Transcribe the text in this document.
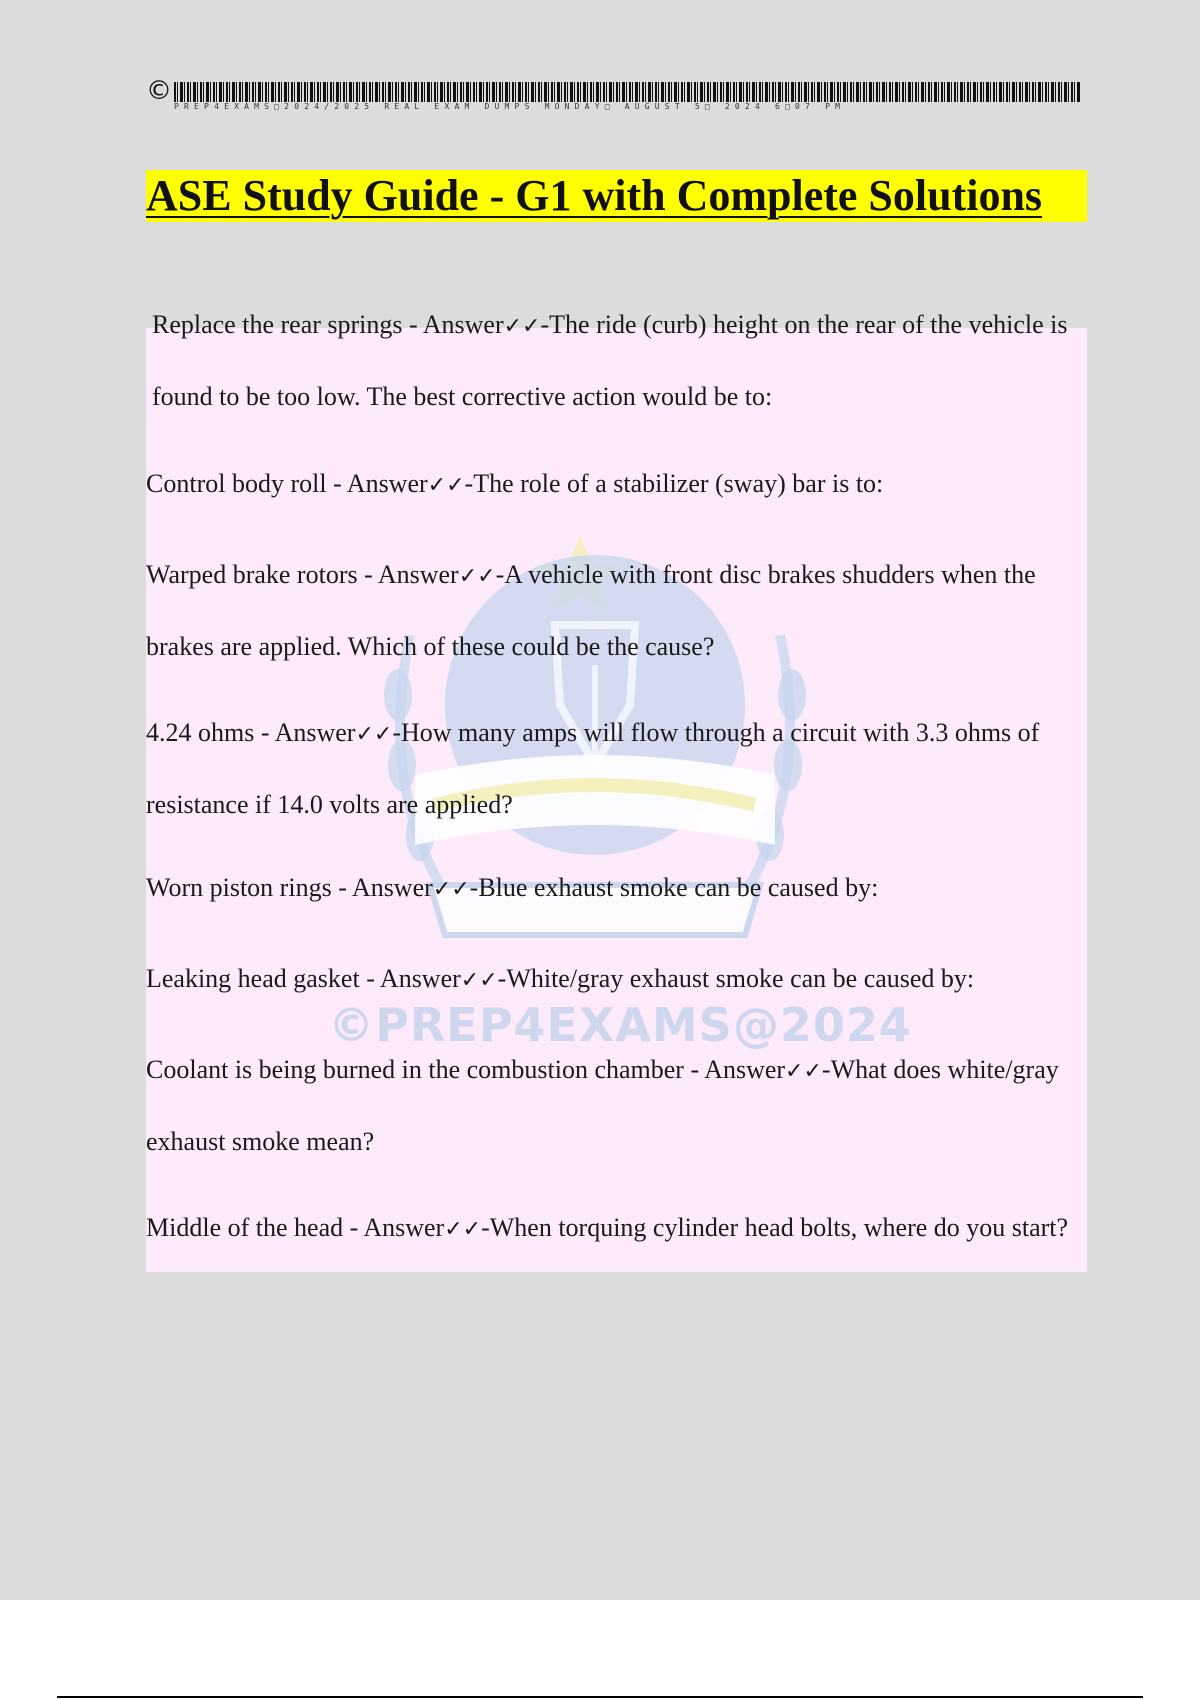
©
PREP4EXAMS□2024/2025 REAL EXAM DUMPS MONDAY□ AUGUST 5□ 2024 6□07 PM
ASE Study Guide - G1 with Complete Solutions
©PREP4EXAMS@2024

Replace the rear springs - Answer✓✓-The ride (curb) height on the rear of the vehicle is found to be too low. The best corrective action would be to:

Control body roll - Answer✓✓-The role of a stabilizer (sway) bar is to:

Warped brake rotors - Answer✓✓-A vehicle with front disc brakes shudders when the brakes are applied. Which of these could be the cause?

4.24 ohms - Answer✓✓-How many amps will flow through a circuit with 3.3 ohms of resistance if 14.0 volts are applied?

Worn piston rings - Answer✓✓-Blue exhaust smoke can be caused by:

Leaking head gasket - Answer✓✓-White/gray exhaust smoke can be caused by:

Coolant is being burned in the combustion chamber - Answer✓✓-What does white/gray exhaust smoke mean?

Middle of the head - Answer✓✓-When torquing cylinder head bolts, where do you start?
